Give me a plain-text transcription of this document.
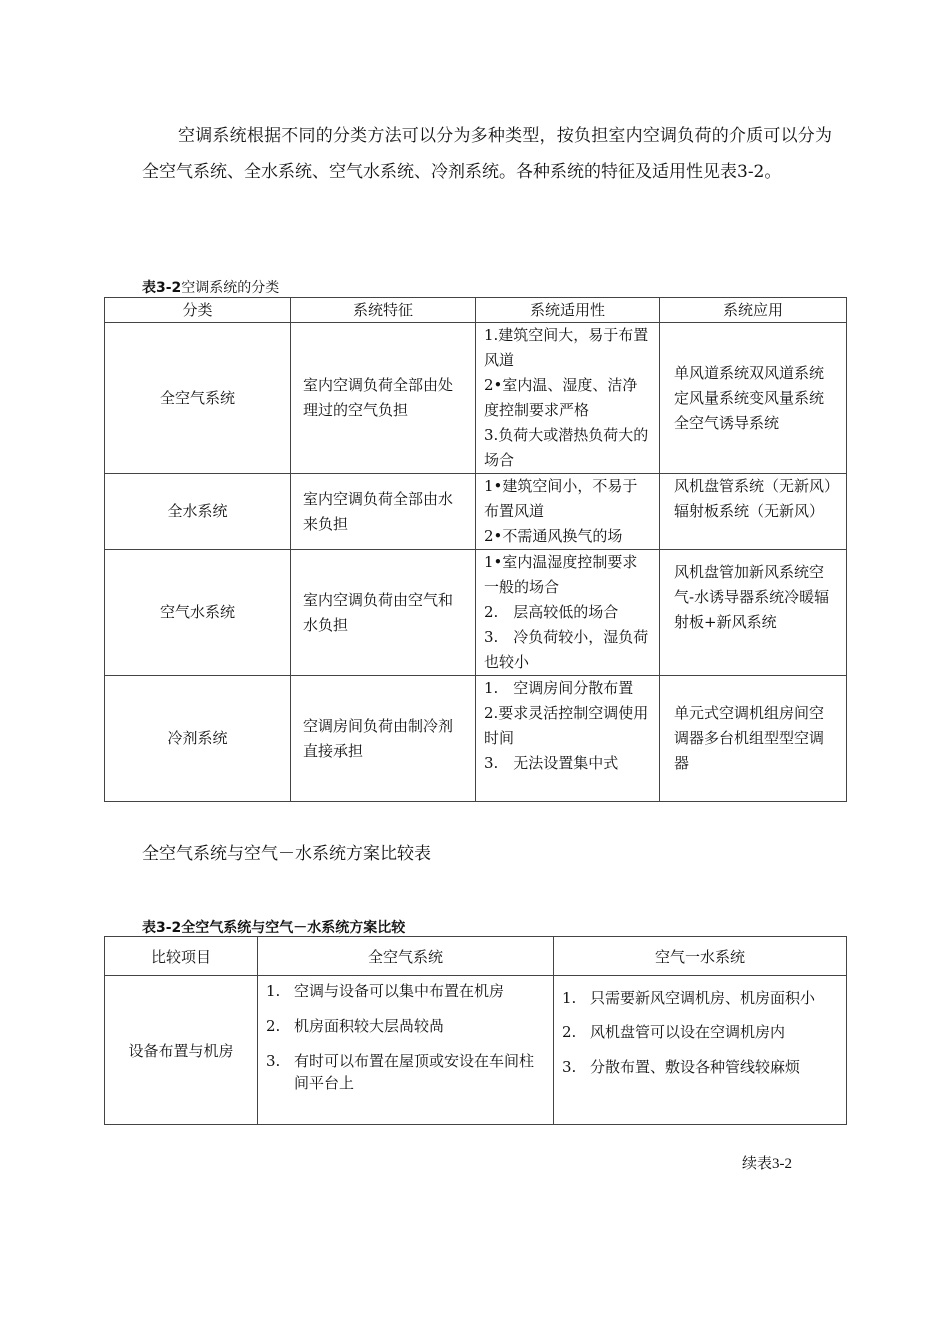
空调系统根据不同的分类方法可以分为多种类型，按负担室内空调负荷的介质可以分为全空气系统、全水系统、空气水系统、冷剂系统。各种系统的特征及适用性见表3-2。

表3-2空调系统的分类
分类	系统特征	系统适用性	系统应用
全空气系统	室内空调负荷全部由处理过的空气负担	1.建筑空间大，易于布置风道
2•室内温、湿度、洁净度控制要求严格
3.负荷大或潜热负荷大的场合	单风道系统双风道系统定风量系统变风量系统全空气诱导系统
全水系统	室内空调负荷全部由水来负担	1•建筑空间小，不易于布置风道
2•不需通风换气的场	风机盘管系统（无新风）辐射板系统（无新风）
空气水系统	室内空调负荷由空气和水负担	1•室内温湿度控制要求一般的场合
2.　层高较低的场合
3.　冷负荷较小，湿负荷也较小	风机盘管加新风系统空气-水诱导器系统冷暖辐射板+新风系统
冷剂系统	空调房间负荷由制冷剂直接承担	1.　空调房间分散布置
2.要求灵活控制空调使用时间
3.　无法设置集中式	单元式空调机组房间空调器多台机组型型空调器
全空气系统与空气－水系统方案比较表
表3-2全空气系统与空气－水系统方案比较
比较项目	全空气系统	空气一水系统
设备布置与机房	1. 空调与设备可以集中布置在机房
2. 机房面积较大层咼较咼
3. 有时可以布置在屋顶或安设在车间柱间平台上	1. 只需要新风空调机房、机房面积小
2. 风机盘管可以设在空调机房内
3. 分散布置、敷设各种管线较麻烦
续表3-2
